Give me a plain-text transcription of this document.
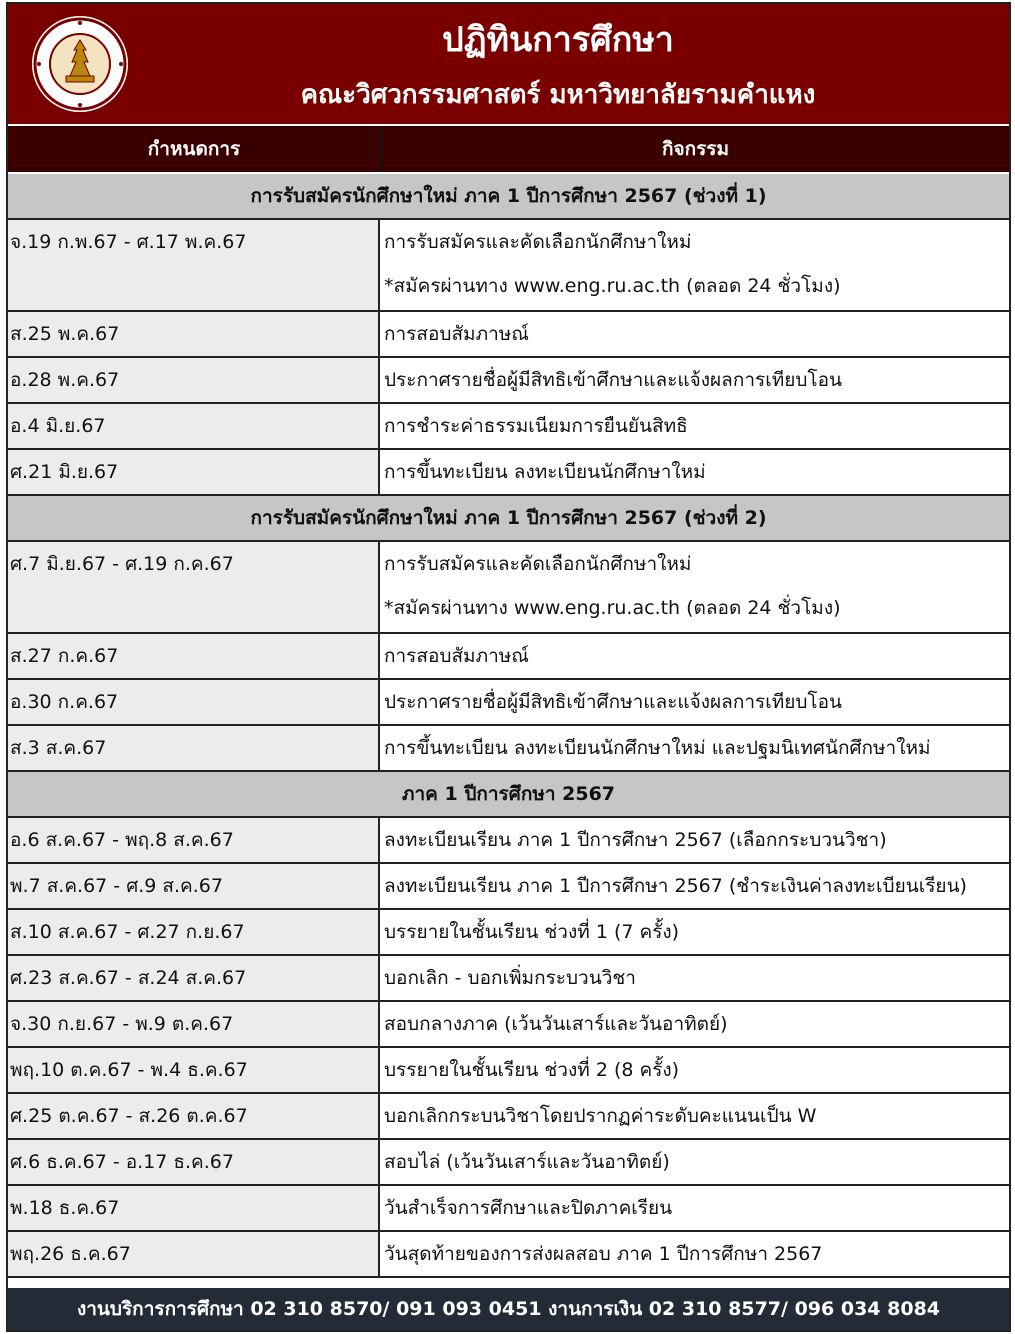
ปฏิทินการศึกษา
คณะวิศวกรรมศาสตร์ มหาวิทยาลัยรามคำแหง
กำหนดการ	กิจกรรม
การรับสมัครนักศึกษาใหม่ ภาค 1 ปีการศึกษา 2567 (ช่วงที่ 1)
จ.19 ก.พ.67 - ศ.17 พ.ค.67	การรับสมัครและคัดเลือกนักศึกษาใหม่
*สมัครผ่านทาง www.eng.ru.ac.th (ตลอด 24 ชั่วโมง)
ส.25 พ.ค.67	การสอบสัมภาษณ์
อ.28 พ.ค.67	ประกาศรายชื่อผู้มีสิทธิเข้าศึกษาและแจ้งผลการเทียบโอน
อ.4 มิ.ย.67	การชำระค่าธรรมเนียมการยืนยันสิทธิ
ศ.21 มิ.ย.67	การขึ้นทะเบียน ลงทะเบียนนักศึกษาใหม่
การรับสมัครนักศึกษาใหม่ ภาค 1 ปีการศึกษา 2567 (ช่วงที่ 2)
ศ.7 มิ.ย.67 - ศ.19 ก.ค.67	การรับสมัครและคัดเลือกนักศึกษาใหม่
*สมัครผ่านทาง www.eng.ru.ac.th (ตลอด 24 ชั่วโมง)
ส.27 ก.ค.67	การสอบสัมภาษณ์
อ.30 ก.ค.67	ประกาศรายชื่อผู้มีสิทธิเข้าศึกษาและแจ้งผลการเทียบโอน
ส.3 ส.ค.67	การขึ้นทะเบียน ลงทะเบียนนักศึกษาใหม่ และปฐมนิเทศนักศึกษาใหม่
ภาค 1 ปีการศึกษา 2567
อ.6 ส.ค.67 - พฤ.8 ส.ค.67	ลงทะเบียนเรียน ภาค 1 ปีการศึกษา 2567 (เลือกกระบวนวิชา)
พ.7 ส.ค.67 - ศ.9 ส.ค.67	ลงทะเบียนเรียน ภาค 1 ปีการศึกษา 2567 (ชำระเงินค่าลงทะเบียนเรียน)
ส.10 ส.ค.67 - ศ.27 ก.ย.67	บรรยายในชั้นเรียน ช่วงที่ 1 (7 ครั้ง)
ศ.23 ส.ค.67 - ส.24 ส.ค.67	บอกเลิก - บอกเพิ่มกระบวนวิชา
จ.30 ก.ย.67 - พ.9 ต.ค.67	สอบกลางภาค (เว้นวันเสาร์และวันอาทิตย์)
พฤ.10 ต.ค.67 - พ.4 ธ.ค.67	บรรยายในชั้นเรียน ช่วงที่ 2 (8 ครั้ง)
ศ.25 ต.ค.67 - ส.26 ต.ค.67	บอกเลิกกระบนวิชาโดยปรากฏค่าระดับคะแนนเป็น W
ศ.6 ธ.ค.67 - อ.17 ธ.ค.67	สอบไล่ (เว้นวันเสาร์และวันอาทิตย์)
พ.18 ธ.ค.67	วันสำเร็จการศึกษาและปิดภาคเรียน
พฤ.26 ธ.ค.67	วันสุดท้ายของการส่งผลสอบ ภาค 1 ปีการศึกษา 2567
งานบริการการศึกษา 02 310 8570/ 091 093 0451 งานการเงิน 02 310 8577/ 096 034 8084
